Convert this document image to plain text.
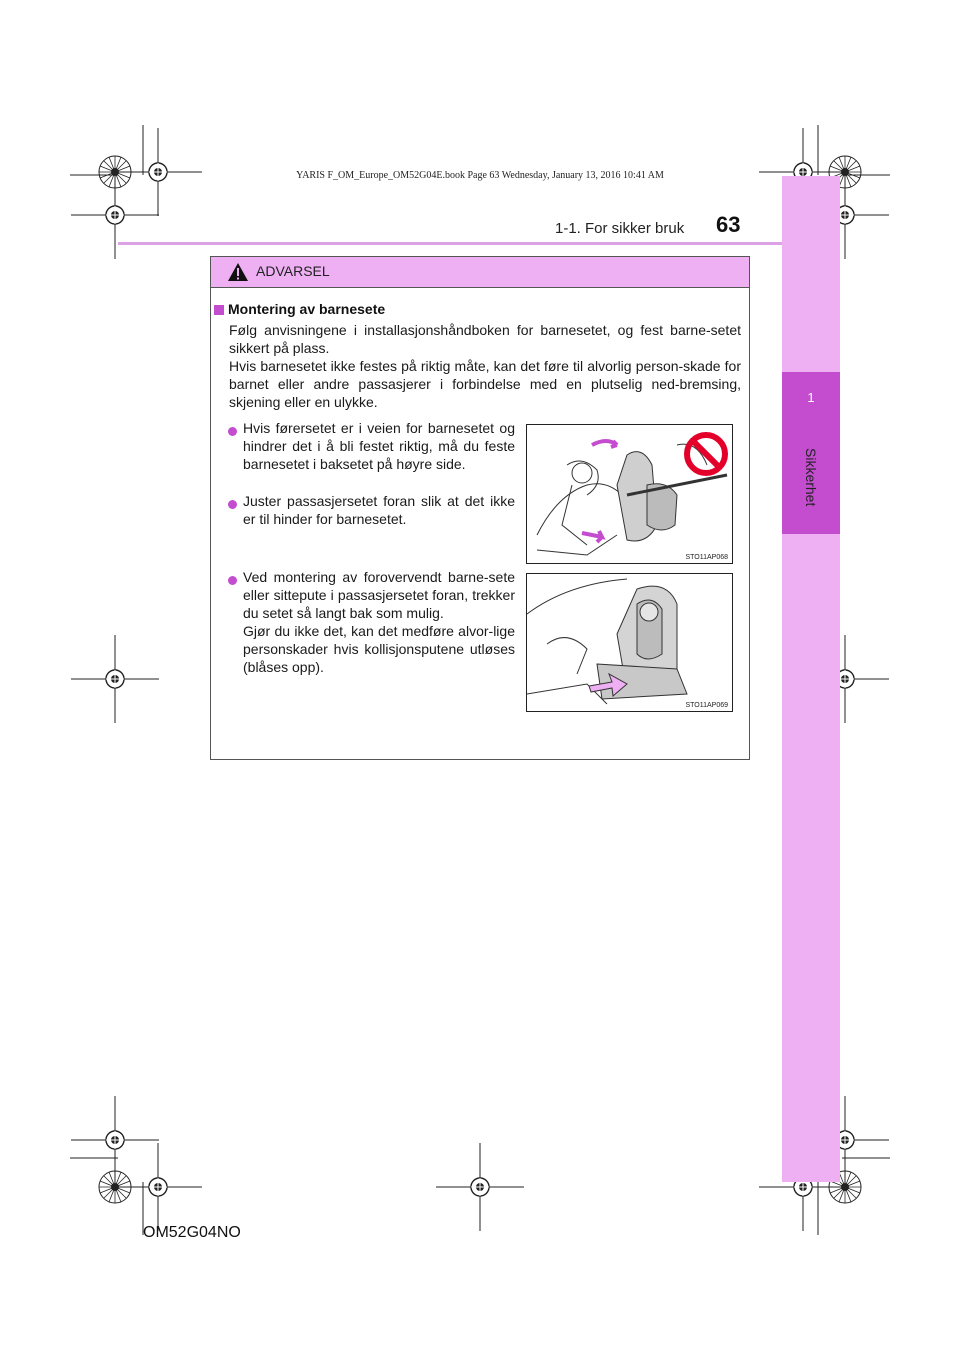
1
Sikkerhet
YARIS F_OM_Europe_OM52G04E.book Page 63 Wednesday, January 13, 2016 10:41 AM
1-1. For sikker bruk 63
ADVARSEL
Montering av barnesete
Følg anvisningene i installasjonshåndboken for barnesetet, og fest barne-setet sikkert på plass.
Hvis barnesetet ikke festes på riktig måte, kan det føre til alvorlig person-skade for barnet eller andre passasjerer i forbindelse med en plutselig ned-bremsing, skjening eller en ulykke.
Hvis førersetet er i veien for barnesetet og hindrer det i å bli festet riktig, må du feste barnesetet i baksetet på høyre side.
Juster passasjersetet foran slik at det ikke er til hinder for barnesetet.
Ved montering av forovervendt barne-sete eller sittepute i passasjersetet foran, trekker du setet så langt bak som mulig.
Gjør du ikke det, kan det medføre alvor-lige personskader hvis kollisjonsputene utløses (blåses opp).
STO11AP068
STO11AP069
OM52G04NO
